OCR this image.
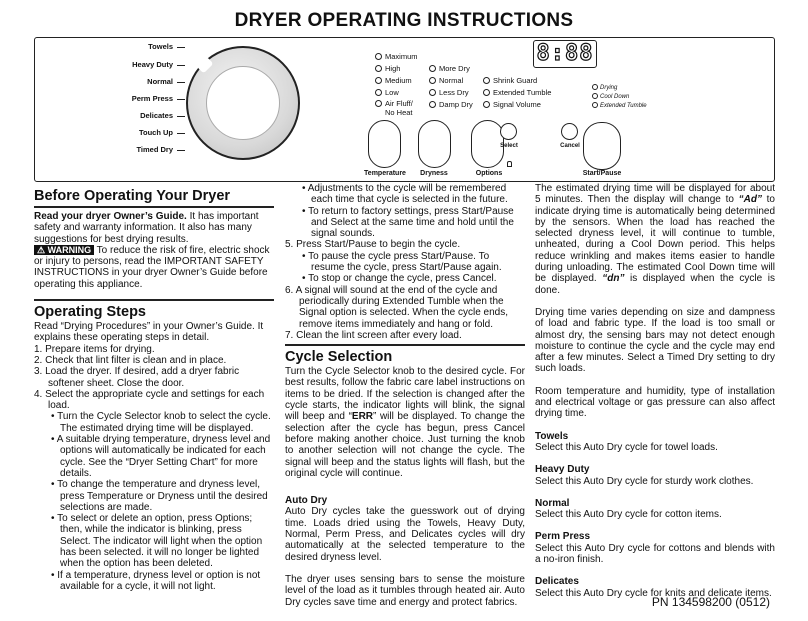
DRYER OPERATING INSTRUCTIONS
Towels
Heavy Duty
Normal
Perm Press
Delicates
Touch Up
Timed Dry
Maximum
High
Medium
Low
Air Fluff/
No Heat
More Dry
Normal
Less Dry
Damp Dry
Shrink Guard
Extended Tumble
Signal Volume
Drying
Cool Down
Extended Tumble
8:88
Temperature	Dryness	Options
Select	Cancel
Start/Pause
Before Operating Your Dryer

Read your dryer Owner’s Guide. It has important safety and warranty information. It also has many suggestions for best drying results.

⚠ WARNING To reduce the risk of fire, electric shock or injury to persons, read the IMPORTANT SAFETY INSTRUCTIONS in your dryer Owner’s Guide before operating this appliance.

Operating Steps

Read “Drying Procedures” in your Owner’s Guide. It explains these operating steps in detail.

1. Prepare items for drying.

2. Check that lint filter is clean and in place.

3. Load the dryer. If desired, add a dryer fabric softener sheet. Close the door.

4. Select the appropriate cycle and settings for each load.

• Turn the Cycle Selector knob to select the cycle. The estimated drying time will be displayed.

• A suitable drying temperature, dryness level and options will automatically be indicated for each cycle. See the “Dryer Setting Chart” for more details.

• To change the temperature and dryness level, press Temperature or Dryness until the desired selections are made.

• To select or delete an option, press Options; then, while the indicator is blinking, press Select. The indicator will light when the option has been selected. it will no longer be lighted when the option has been deleted.

• If a temperature, dryness level or option is not available for a cycle, it will not light.

• Adjustments to the cycle will be remembered each time that cycle is selected in the future.

• To return to factory settings, press Start/Pause and Select at the same time and hold until the signal sounds.

5. Press Start/Pause to begin the cycle.

• To pause the cycle press Start/Pause. To resume the cycle, press Start/Pause again.

• To stop or change the cycle, press Cancel.

6. A signal will sound at the end of the cycle and periodically during Extended Tumble when the Signal option is selected. When the cycle ends, remove items immediately and hang or fold.

7. Clean the lint screen after every load.

Cycle Selection

Turn the Cycle Selector knob to the desired cycle. For best results, follow the fabric care label instructions on items to be dried. If the selection is changed after the cycle starts, the indicator lights will blink, the signal will beep and “ERR” will be displayed. To change the selection after the cycle has begun, press Cancel before making another choice. Just turning the knob to another selection will not change the cycle. The signal will beep and the status lights will flash, but the original cycle will continue.

Auto Dry

Auto Dry cycles take the guesswork out of drying time. Loads dried using the Towels, Heavy Duty, Normal, Perm Press, and Delicates cycles will dry automatically at the selected temperature to the desired dryness level.

The dryer uses sensing bars to sense the moisture level of the load as it tumbles through heated air. Auto Dry cycles save time and energy and protect fabrics.

The estimated drying time will be displayed for about 5 minutes. Then the display will change to “Ad” to indicate drying time is automatically being determined by the sensors. When the load has reached the selected dryness level, it will continue to tumble, unheated, during a Cool Down period. This helps reduce wrinkling and makes items easier to handle during unloading. The estimated Cool Down time will be displayed. “dn” is displayed when the cycle is done.

Drying time varies depending on size and dampness of load and fabric type. If the load is too small or almost dry, the sensing bars may not detect enough moisture to continue the cycle and the cycle may end after a few minutes. Select a Timed Dry setting to dry such loads.

Room temperature and humidity, type of installation and electrical voltage or gas pressure can also affect drying time.

Towels

Select this Auto Dry cycle for towel loads.

Heavy Duty

Select this Auto Dry cycle for sturdy work clothes.

Normal

Select this Auto Dry cycle for cotton items.

Perm Press

Select this Auto Dry cycle for cottons and blends with a no-iron finish.

Delicates

Select this Auto Dry cycle for knits and delicate items.

PN 134598200 (0512)
